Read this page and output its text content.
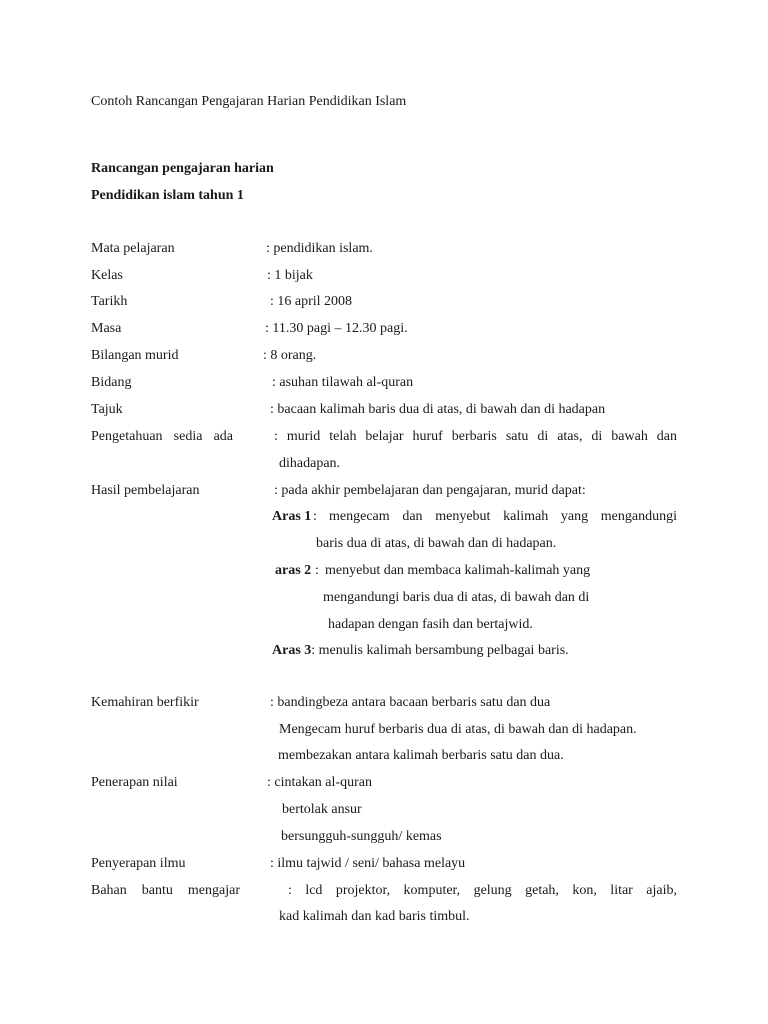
Contoh Rancangan Pengajaran Harian Pendidikan Islam
Rancangan pengajaran harian
Pendidikan islam tahun 1
Mata pelajaran	: pendidikan islam.
Kelas	: 1 bijak
Tarikh	: 16 april 2008
Masa	: 11.30 pagi – 12.30 pagi.
Bilangan murid	: 8 orang.
Bidang	: asuhan tilawah al-quran
Tajuk	: bacaan kalimah baris dua di atas, di bawah dan di hadapan
Pengetahuan sedia ada	: murid telah belajar huruf berbaris satu di atas, di bawah dan
dihadapan.
Hasil pembelajaran	: pada akhir pembelajaran dan pengajaran, murid dapat:
Aras 1 : mengecam dan menyebut kalimah yang mengandungi
baris dua di atas, di bawah dan di hadapan.
aras 2 : menyebut dan membaca kalimah-kalimah yang
mengandungi baris dua di atas, di bawah dan di
hadapan dengan fasih dan bertajwid.
Aras 3: menulis kalimah bersambung pelbagai baris.
Kemahiran berfikir	: bandingbeza antara bacaan berbaris satu dan dua
Mengecam huruf berbaris dua di atas, di bawah dan di hadapan.
membezakan antara kalimah berbaris satu dan dua.
Penerapan nilai	: cintakan al-quran
bertolak ansur
bersungguh-sungguh/ kemas
Penyerapan ilmu	: ilmu tajwid / seni/ bahasa melayu
Bahan bantu mengajar	: lcd projektor, komputer, gelung getah, kon, litar ajaib,
kad kalimah dan kad baris timbul.
